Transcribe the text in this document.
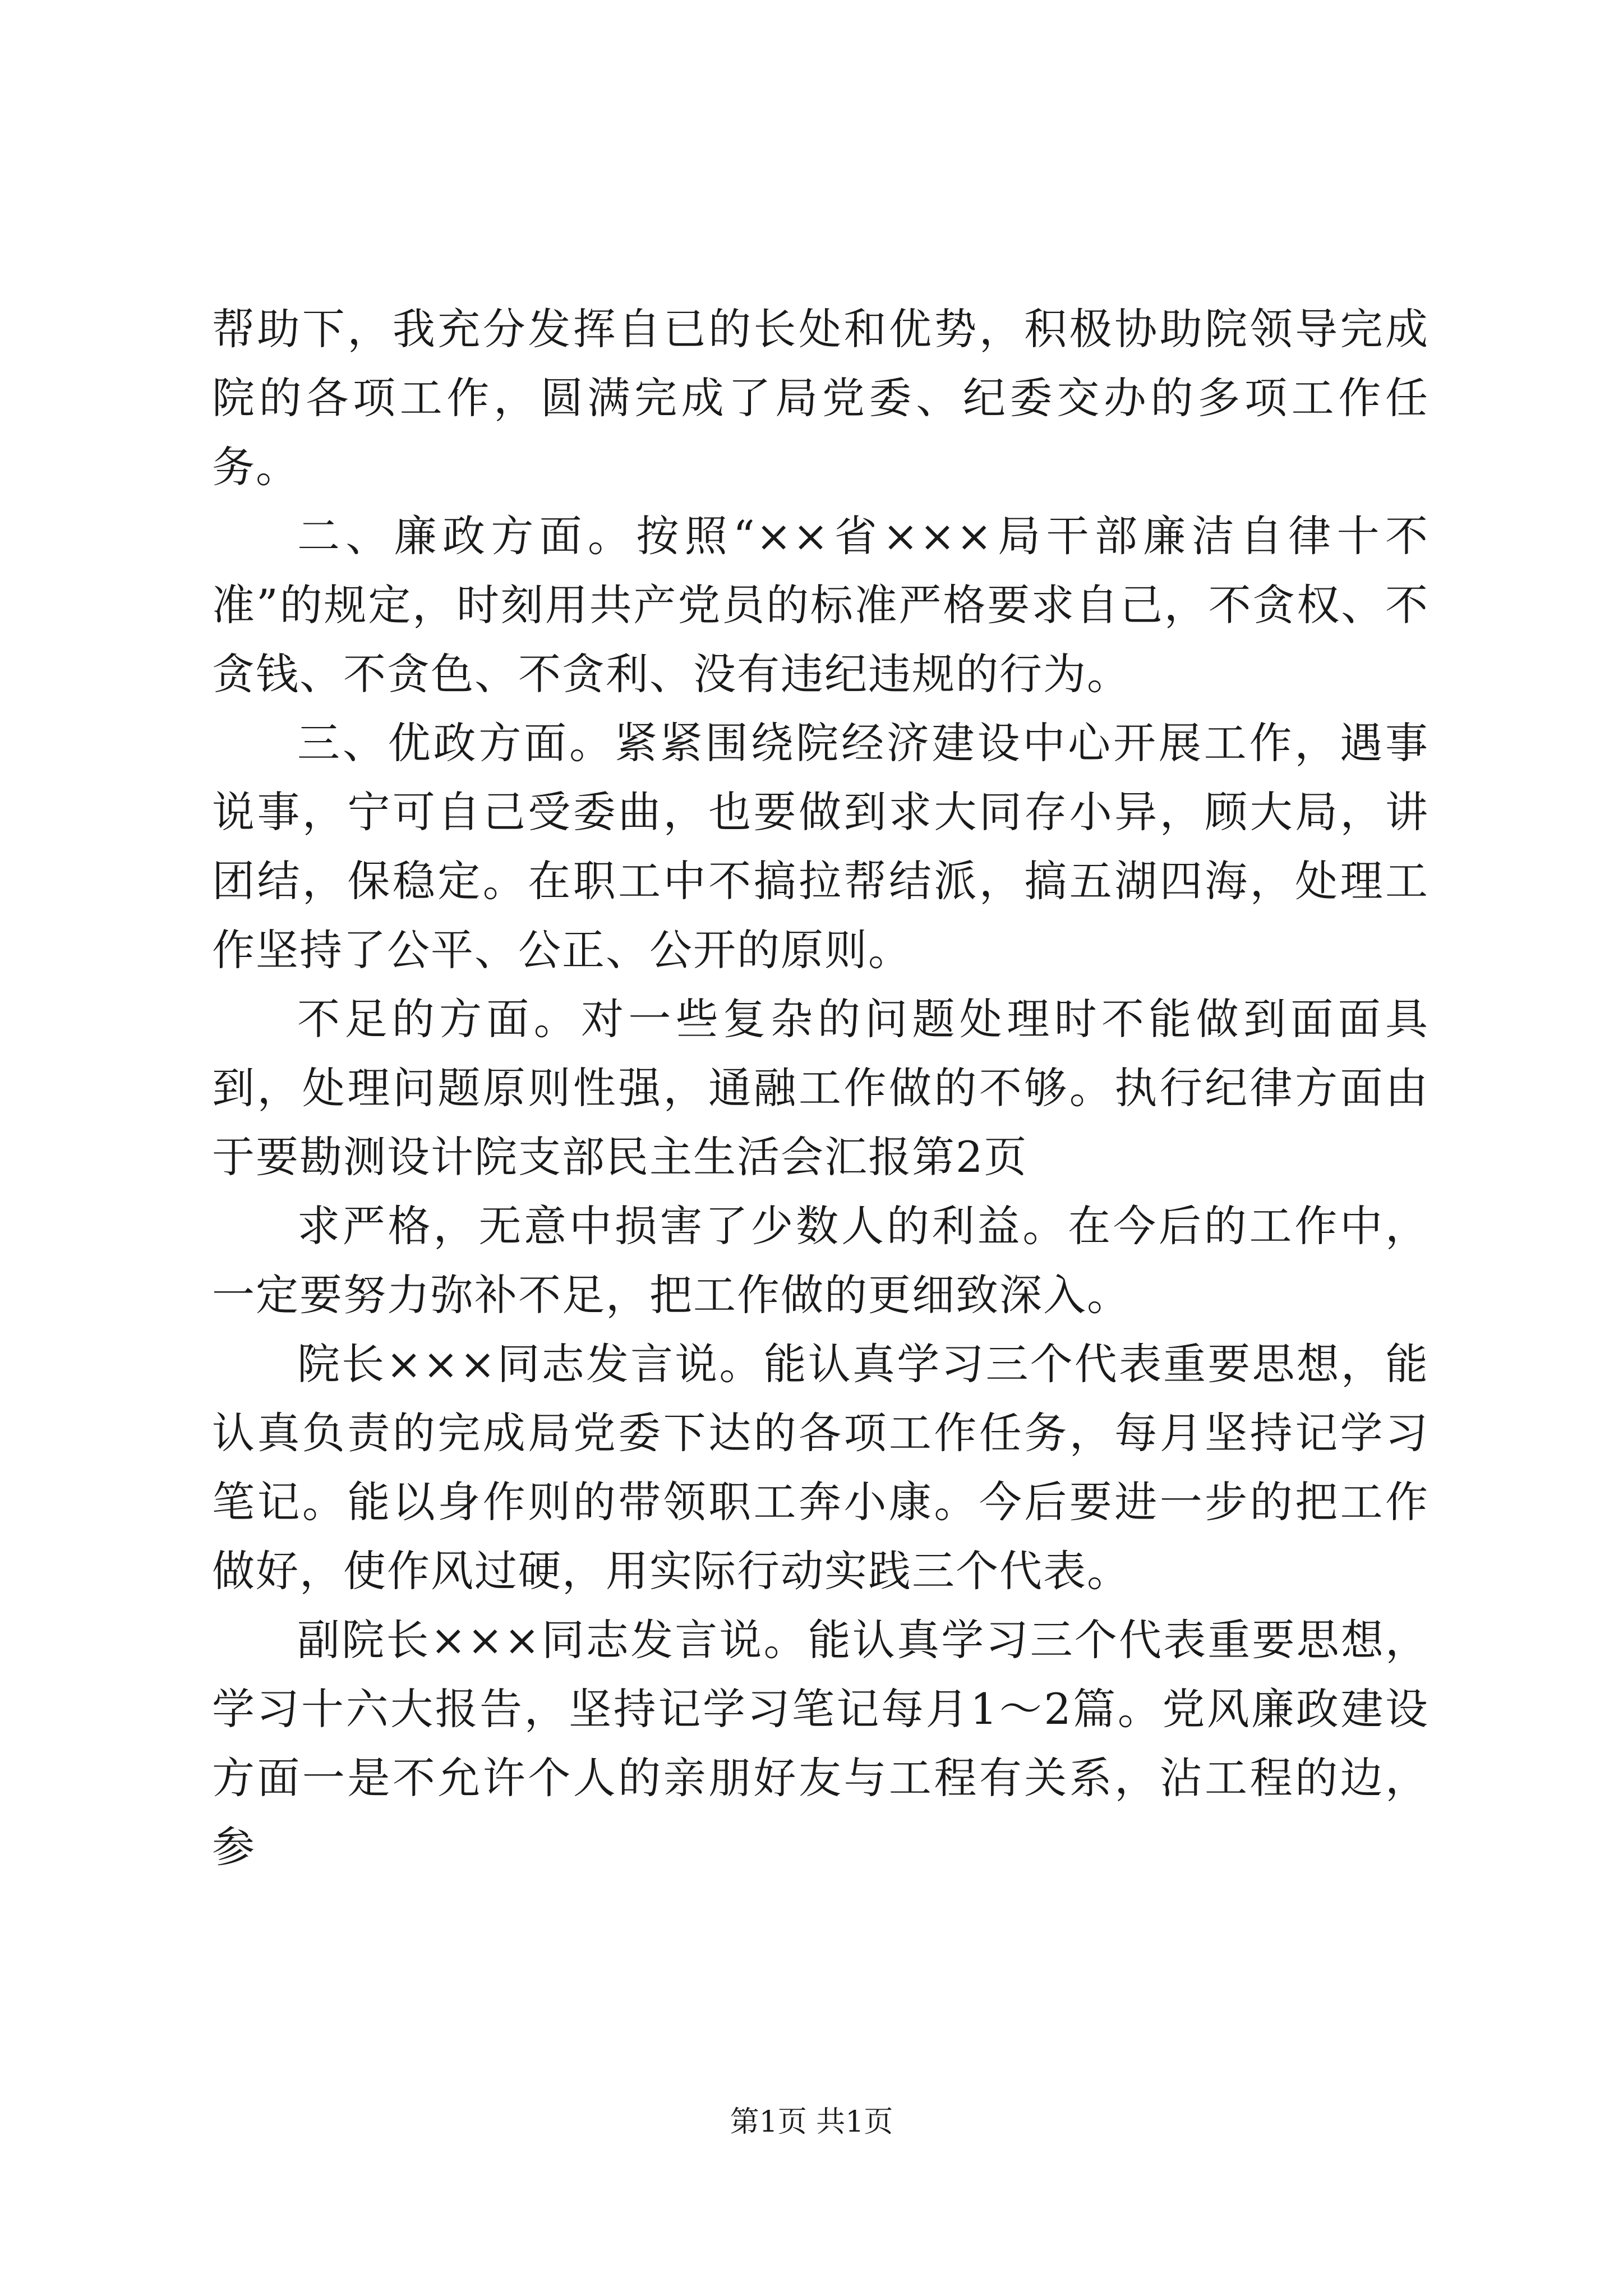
帮助下，我充分发挥自已的长处和优势，积极协助院领导完成院的各项工作，圆满完成了局党委、纪委交办的多项工作任务。

二、廉政方面。按照“××省×××局干部廉洁自律十不准”的规定，时刻用共产党员的标准严格要求自己，不贪权、不贪钱、不贪色、不贪利、没有违纪违规的行为。

三、优政方面。紧紧围绕院经济建设中心开展工作，遇事说事，宁可自己受委曲，也要做到求大同存小异，顾大局，讲团结，保稳定。在职工中不搞拉帮结派，搞五湖四海，处理工作坚持了公平、公正、公开的原则。

不足的方面。对一些复杂的问题处理时不能做到面面具到，处理问题原则性强，通融工作做的不够。执行纪律方面由于要勘测设计院支部民主生活会汇报第2页

求严格，无意中损害了少数人的利益。在今后的工作中，一定要努力弥补不足，把工作做的更细致深入。

院长×××同志发言说。能认真学习三个代表重要思想，能认真负责的完成局党委下达的各项工作任务，每月坚持记学习笔记。能以身作则的带领职工奔小康。今后要进一步的把工作做好，使作风过硬，用实际行动实践三个代表。

副院长×××同志发言说。能认真学习三个代表重要思想，学习十六大报告，坚持记学习笔记每月1～2篇。党风廉政建设方面一是不允许个人的亲朋好友与工程有关系，沾工程的边，参

第1页 共1页
